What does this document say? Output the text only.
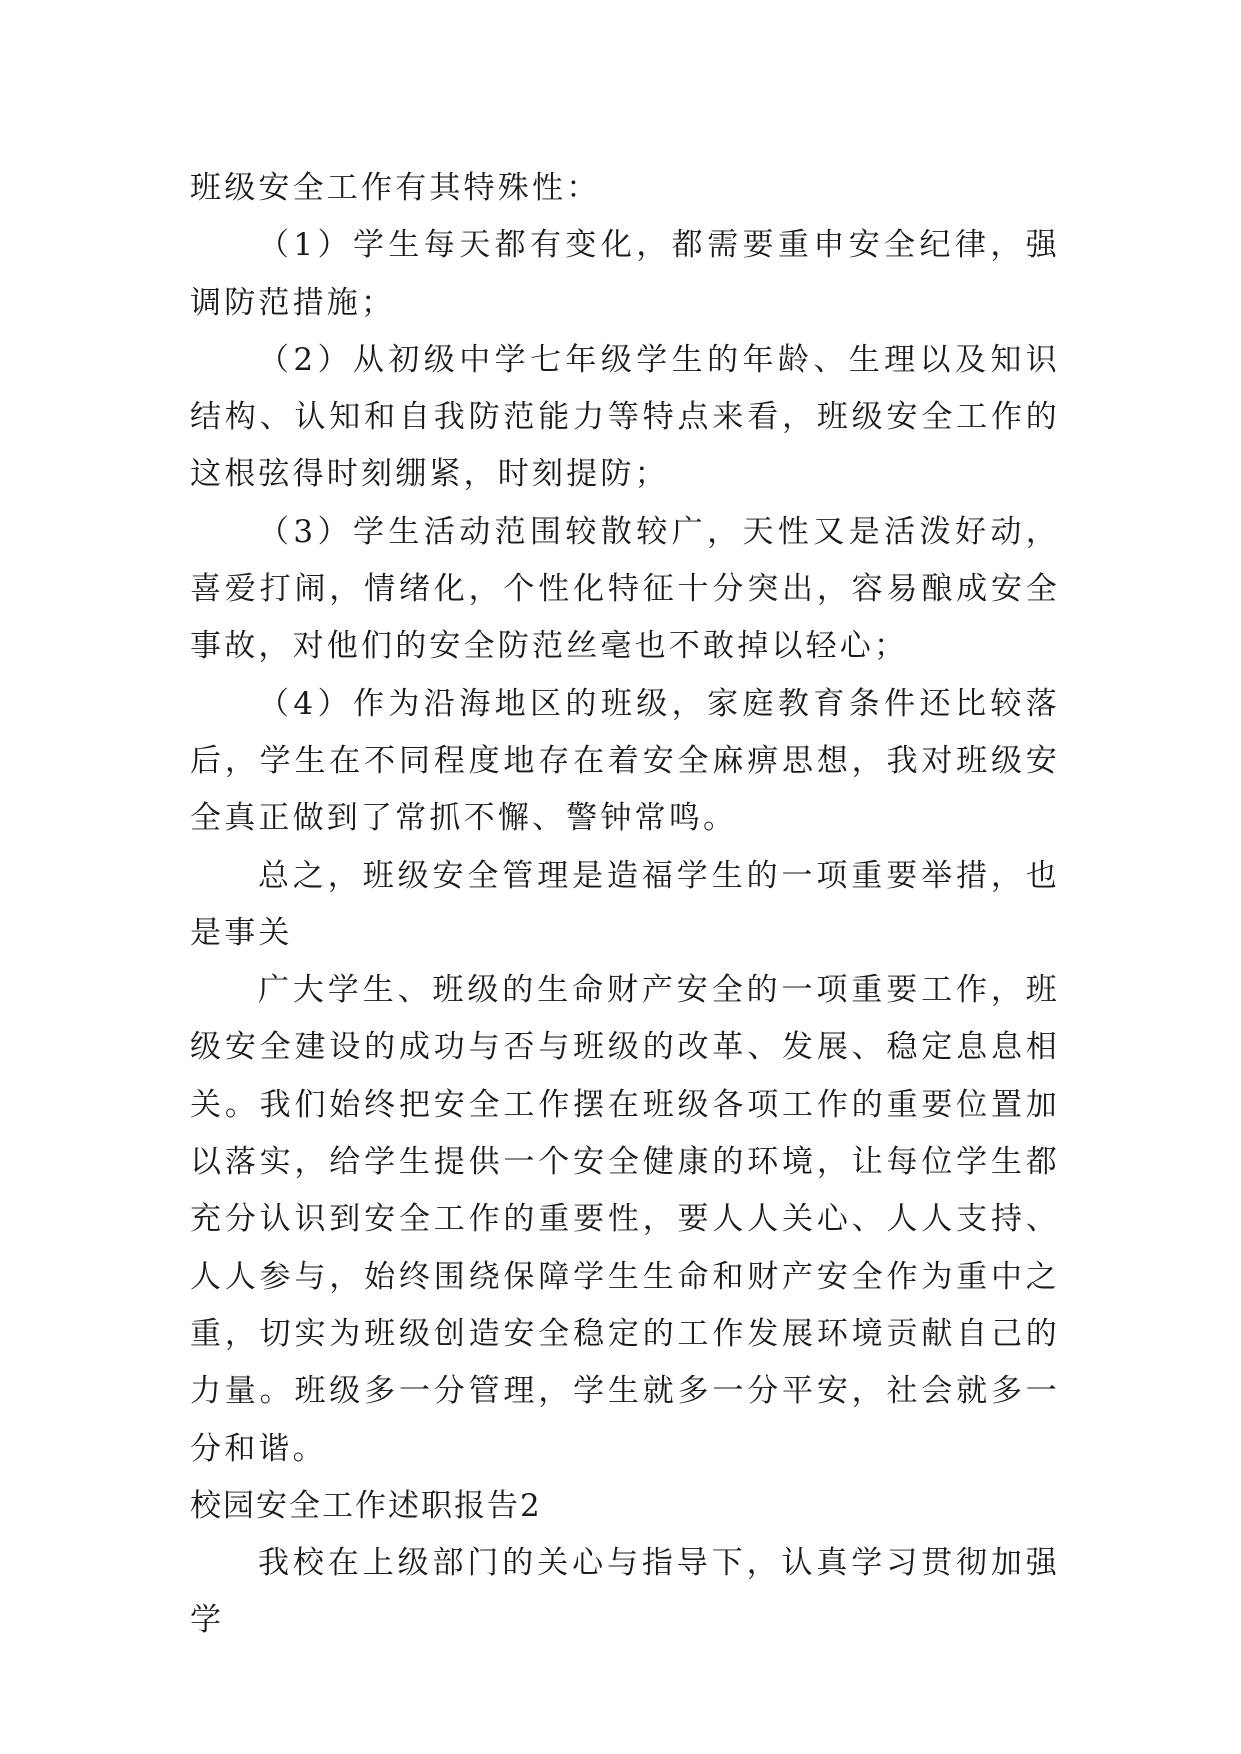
班级安全工作有其特殊性：

（1）学生每天都有变化，都需要重申安全纪律，强调防范措施；

（2）从初级中学七年级学生的年龄、生理以及知识结构、认知和自我防范能力等特点来看，班级安全工作的这根弦得时刻绷紧，时刻提防；

（3）学生活动范围较散较广，天性又是活泼好动，喜爱打闹，情绪化，个性化特征十分突出，容易酿成安全事故，对他们的安全防范丝毫也不敢掉以轻心；

（4）作为沿海地区的班级，家庭教育条件还比较落后，学生在不同程度地存在着安全麻痹思想，我对班级安全真正做到了常抓不懈、警钟常鸣。

总之，班级安全管理是造福学生的一项重要举措，也是事关

广大学生、班级的生命财产安全的一项重要工作，班级安全建设的成功与否与班级的改革、发展、稳定息息相关。我们始终把安全工作摆在班级各项工作的重要位置加以落实，给学生提供一个安全健康的环境，让每位学生都充分认识到安全工作的重要性，要人人关心、人人支持、人人参与，始终围绕保障学生生命和财产安全作为重中之重，切实为班级创造安全稳定的工作发展环境贡献自己的力量。班级多一分管理，学生就多一分平安，社会就多一分和谐。

校园安全工作述职报告2

我校在上级部门的关心与指导下，认真学习贯彻加强学
